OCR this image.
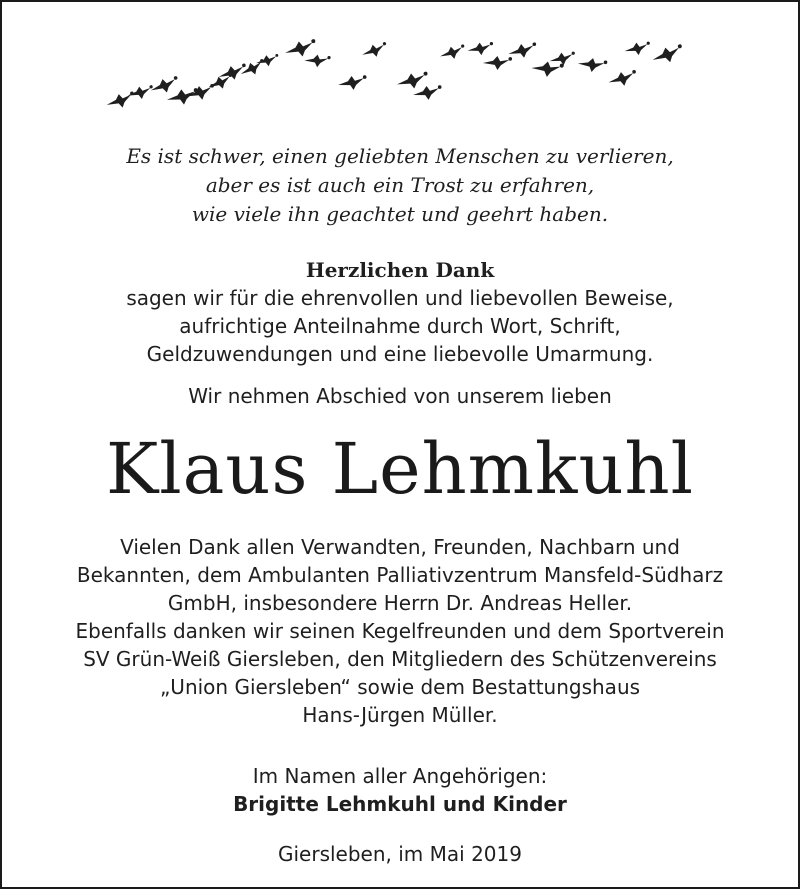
Es ist schwer, einen geliebten Menschen zu verlieren,
aber es ist auch ein Trost zu erfahren,
wie viele ihn geachtet und geehrt haben.
Herzlichen Dank
sagen wir für die ehrenvollen und liebevollen Beweise,
aufrichtige Anteilnahme durch Wort, Schrift,
Geldzuwendungen und eine liebevolle Umarmung.
Wir nehmen Abschied von unserem lieben
Klaus Lehmkuhl
Vielen Dank allen Verwandten, Freunden, Nachbarn und
Bekannten, dem Ambulanten Palliativzentrum Mansfeld-Südharz
GmbH, insbesondere Herrn Dr. Andreas Heller.
Ebenfalls danken wir seinen Kegelfreunden und dem Sportverein
SV Grün-Weiß Giersleben, den Mitgliedern des Schützenvereins
„Union Giersleben“ sowie dem Bestattungshaus
Hans-Jürgen Müller.
Im Namen aller Angehörigen:
Brigitte Lehmkuhl und Kinder
Giersleben, im Mai 2019
